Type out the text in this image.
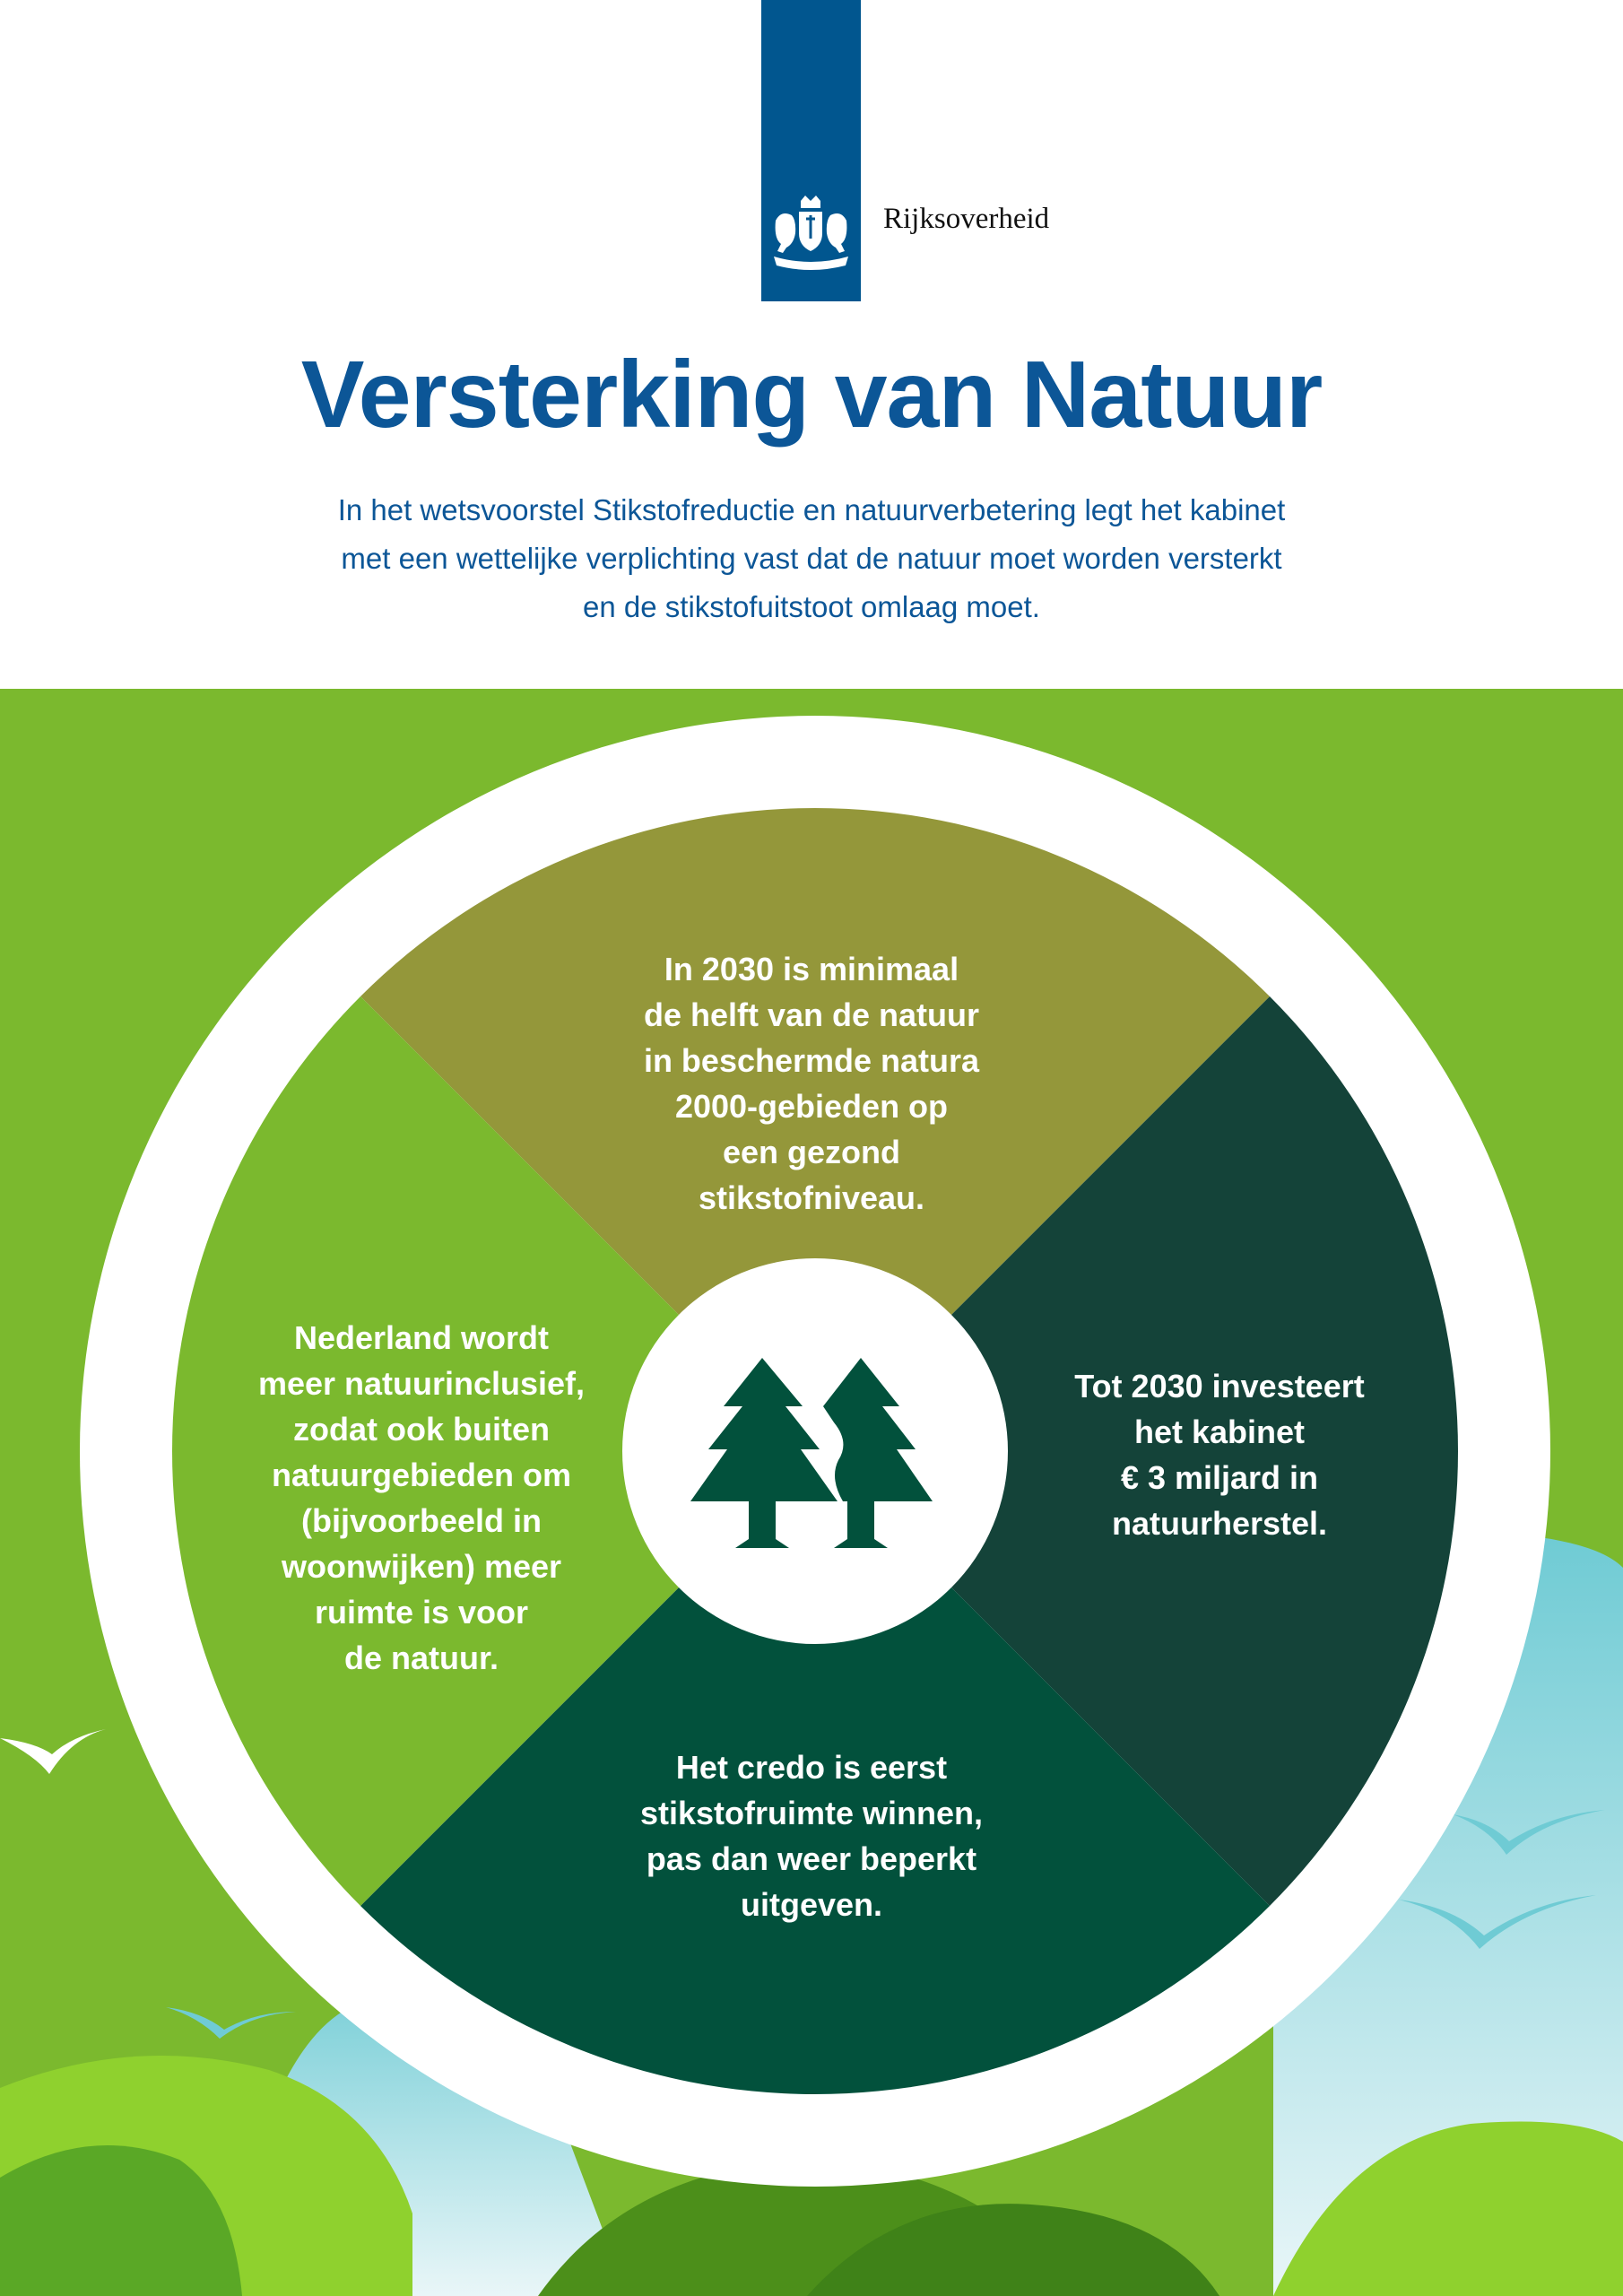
Rijksoverheid
Versterking van Natuur
In het wetsvoorstel Stikstofreductie en natuurverbetering legt het kabinet
met een wettelijke verplichting vast dat de natuur moet worden versterkt
en de stikstofuitstoot omlaag moet.
In 2030 is minimaal
de helft van de natuur
in beschermde natura
2000-gebieden op
een gezond
stikstofniveau.
Tot 2030 investeert
het kabinet
€ 3 miljard in
natuurherstel.
Het credo is eerst
stikstofruimte winnen,
pas dan weer beperkt
uitgeven.
Nederland wordt
meer natuurinclusief,
zodat ook buiten
natuurgebieden om
(bijvoorbeeld in
woonwijken) meer
ruimte is voor
de natuur.
